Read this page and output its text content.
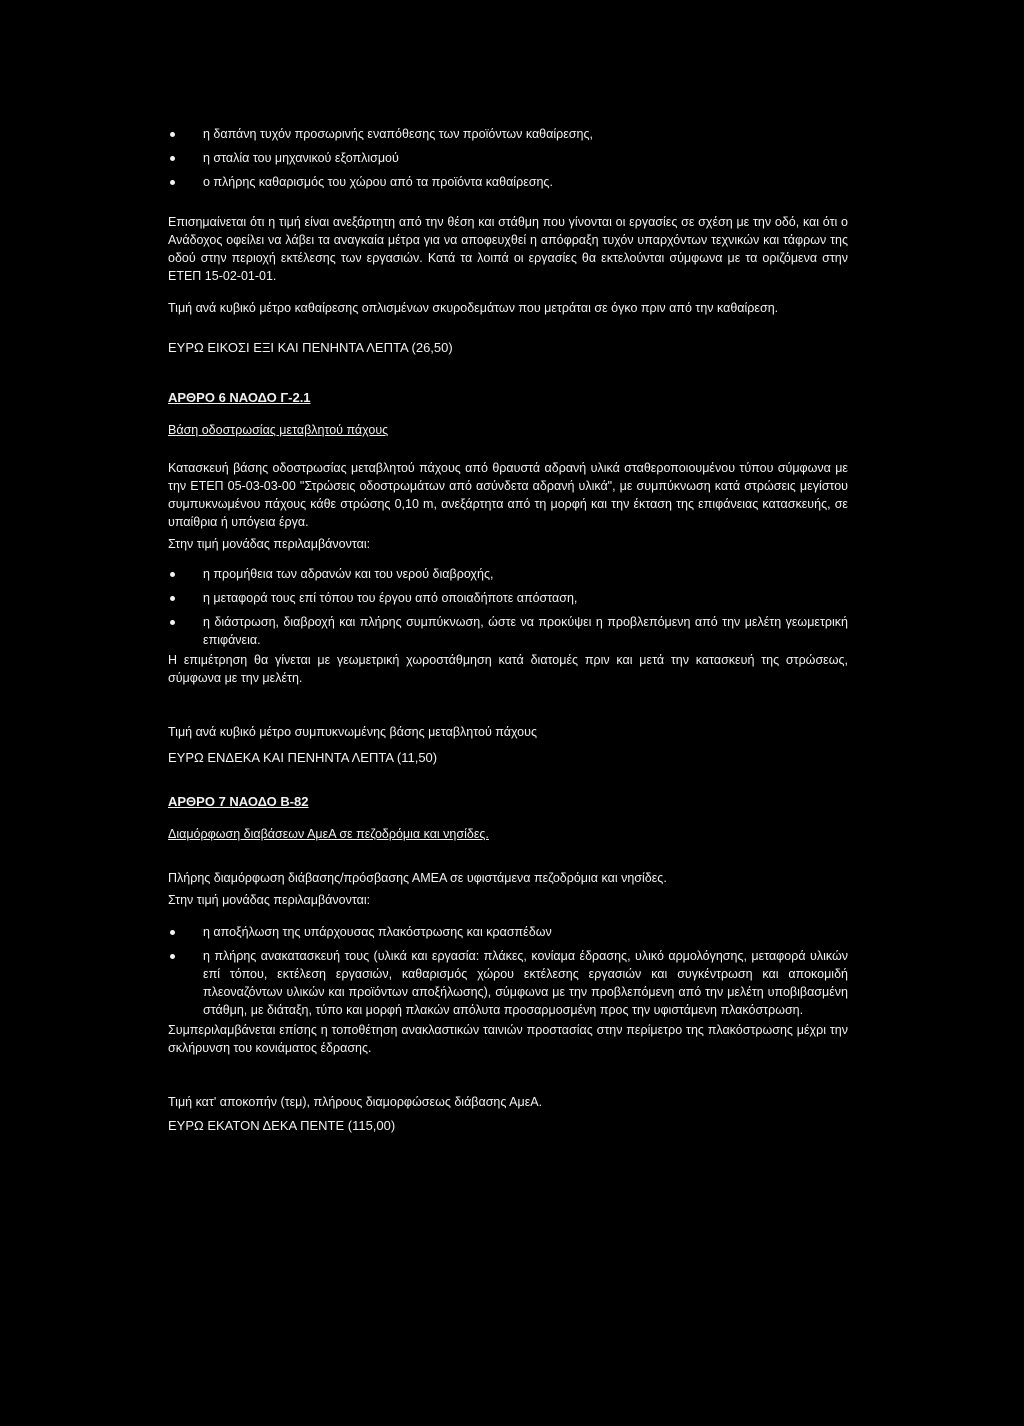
η δαπάνη τυχόν προσωρινής εναπόθεσης των προϊόντων καθαίρεσης,
η σταλία του μηχανικού εξοπλισμού
ο πλήρης καθαρισμός του χώρου από τα προϊόντα καθαίρεσης.

Επισημαίνεται ότι η τιμή είναι ανεξάρτητη από την θέση και στάθμη που γίνονται οι εργασίες σε σχέση με την οδό, και ότι ο Ανάδοχος οφείλει να λάβει τα αναγκαία μέτρα για να αποφευχθεί η απόφραξη τυχόν υπαρχόντων τεχνικών και τάφρων της οδού στην περιοχή εκτέλεσης των εργασιών. Κατά τα λοιπά οι εργασίες θα εκτελούνται σύμφωνα με τα οριζόμενα στην ΕΤΕΠ 15-02-01-01.

Τιμή ανά κυβικό μέτρο καθαίρεσης οπλισμένων σκυροδεμάτων που μετράται σε όγκο πριν από την καθαίρεση.

ΕΥΡΩ ΕΙΚΟΣΙ ΕΞΙ ΚΑΙ ΠΕΝΗΝΤΑ ΛΕΠΤΑ (26,50)

ΑΡΘΡΟ 6 ΝΑΟΔΟ Γ-2.1

Βάση οδοστρωσίας μεταβλητού πάχους

Κατασκευή βάσης οδοστρωσίας μεταβλητού πάχους από θραυστά αδρανή υλικά σταθεροποιουμένου τύπου σύμφωνα με την ΕΤΕΠ 05-03-03-00 "Στρώσεις οδοστρωμάτων από ασύνδετα αδρανή υλικά", με συμπύκνωση κατά στρώσεις μεγίστου συμπυκνωμένου πάχους κάθε στρώσης 0,10 m, ανεξάρτητα από τη μορφή και την έκταση της επιφάνειας κατασκευής, σε υπαίθρια ή υπόγεια έργα.

Στην τιμή μονάδας περιλαμβάνονται:

η προμήθεια των αδρανών και του νερού διαβροχής,
η μεταφορά τους επί τόπου του έργου από οποιαδήποτε απόσταση,
η διάστρωση, διαβροχή και πλήρης συμπύκνωση, ώστε να προκύψει η προβλεπόμενη από την μελέτη γεωμετρική επιφάνεια.

Η επιμέτρηση θα γίνεται με γεωμετρική χωροστάθμηση κατά διατομές πριν και μετά την κατασκευή της στρώσεως, σύμφωνα με την μελέτη.

Τιμή ανά κυβικό μέτρο συμπυκνωμένης βάσης μεταβλητού πάχους

ΕΥΡΩ ΕΝΔΕΚΑ ΚΑΙ ΠΕΝΗΝΤΑ ΛΕΠΤΑ (11,50)

ΑΡΘΡΟ 7 ΝΑΟΔΟ Β-82

Διαμόρφωση διαβάσεων ΑμεΑ σε πεζοδρόμια και νησίδες.

Πλήρης διαμόρφωση διάβασης/πρόσβασης ΑΜΕΑ σε υφιστάμενα πεζοδρόμια και νησίδες.

Στην τιμή μονάδας περιλαμβάνονται:

η αποξήλωση της υπάρχουσας πλακόστρωσης και κρασπέδων
η πλήρης ανακατασκευή τους (υλικά και εργασία: πλάκες, κονίαμα έδρασης, υλικό αρμολόγησης, μεταφορά υλικών επί τόπου, εκτέλεση εργασιών, καθαρισμός χώρου εκτέλεσης εργασιών και συγκέντρωση και αποκομιδή πλεοναζόντων υλικών και προϊόντων αποξήλωσης), σύμφωνα με την προβλεπόμενη από την μελέτη υποβιβασμένη στάθμη, με διάταξη, τύπο και μορφή πλακών απόλυτα προσαρμοσμένη προς την υφιστάμενη πλακόστρωση.

Συμπεριλαμβάνεται επίσης η τοποθέτηση ανακλαστικών ταινιών προστασίας στην περίμετρο της πλακόστρωσης μέχρι την σκλήρυνση του κονιάματος έδρασης.

Τιμή κατ' αποκοπήν (τεμ), πλήρους διαμορφώσεως διάβασης ΑμεΑ.

ΕΥΡΩ ΕΚΑΤΟΝ ΔΕΚΑ ΠΕΝΤΕ (115,00)
